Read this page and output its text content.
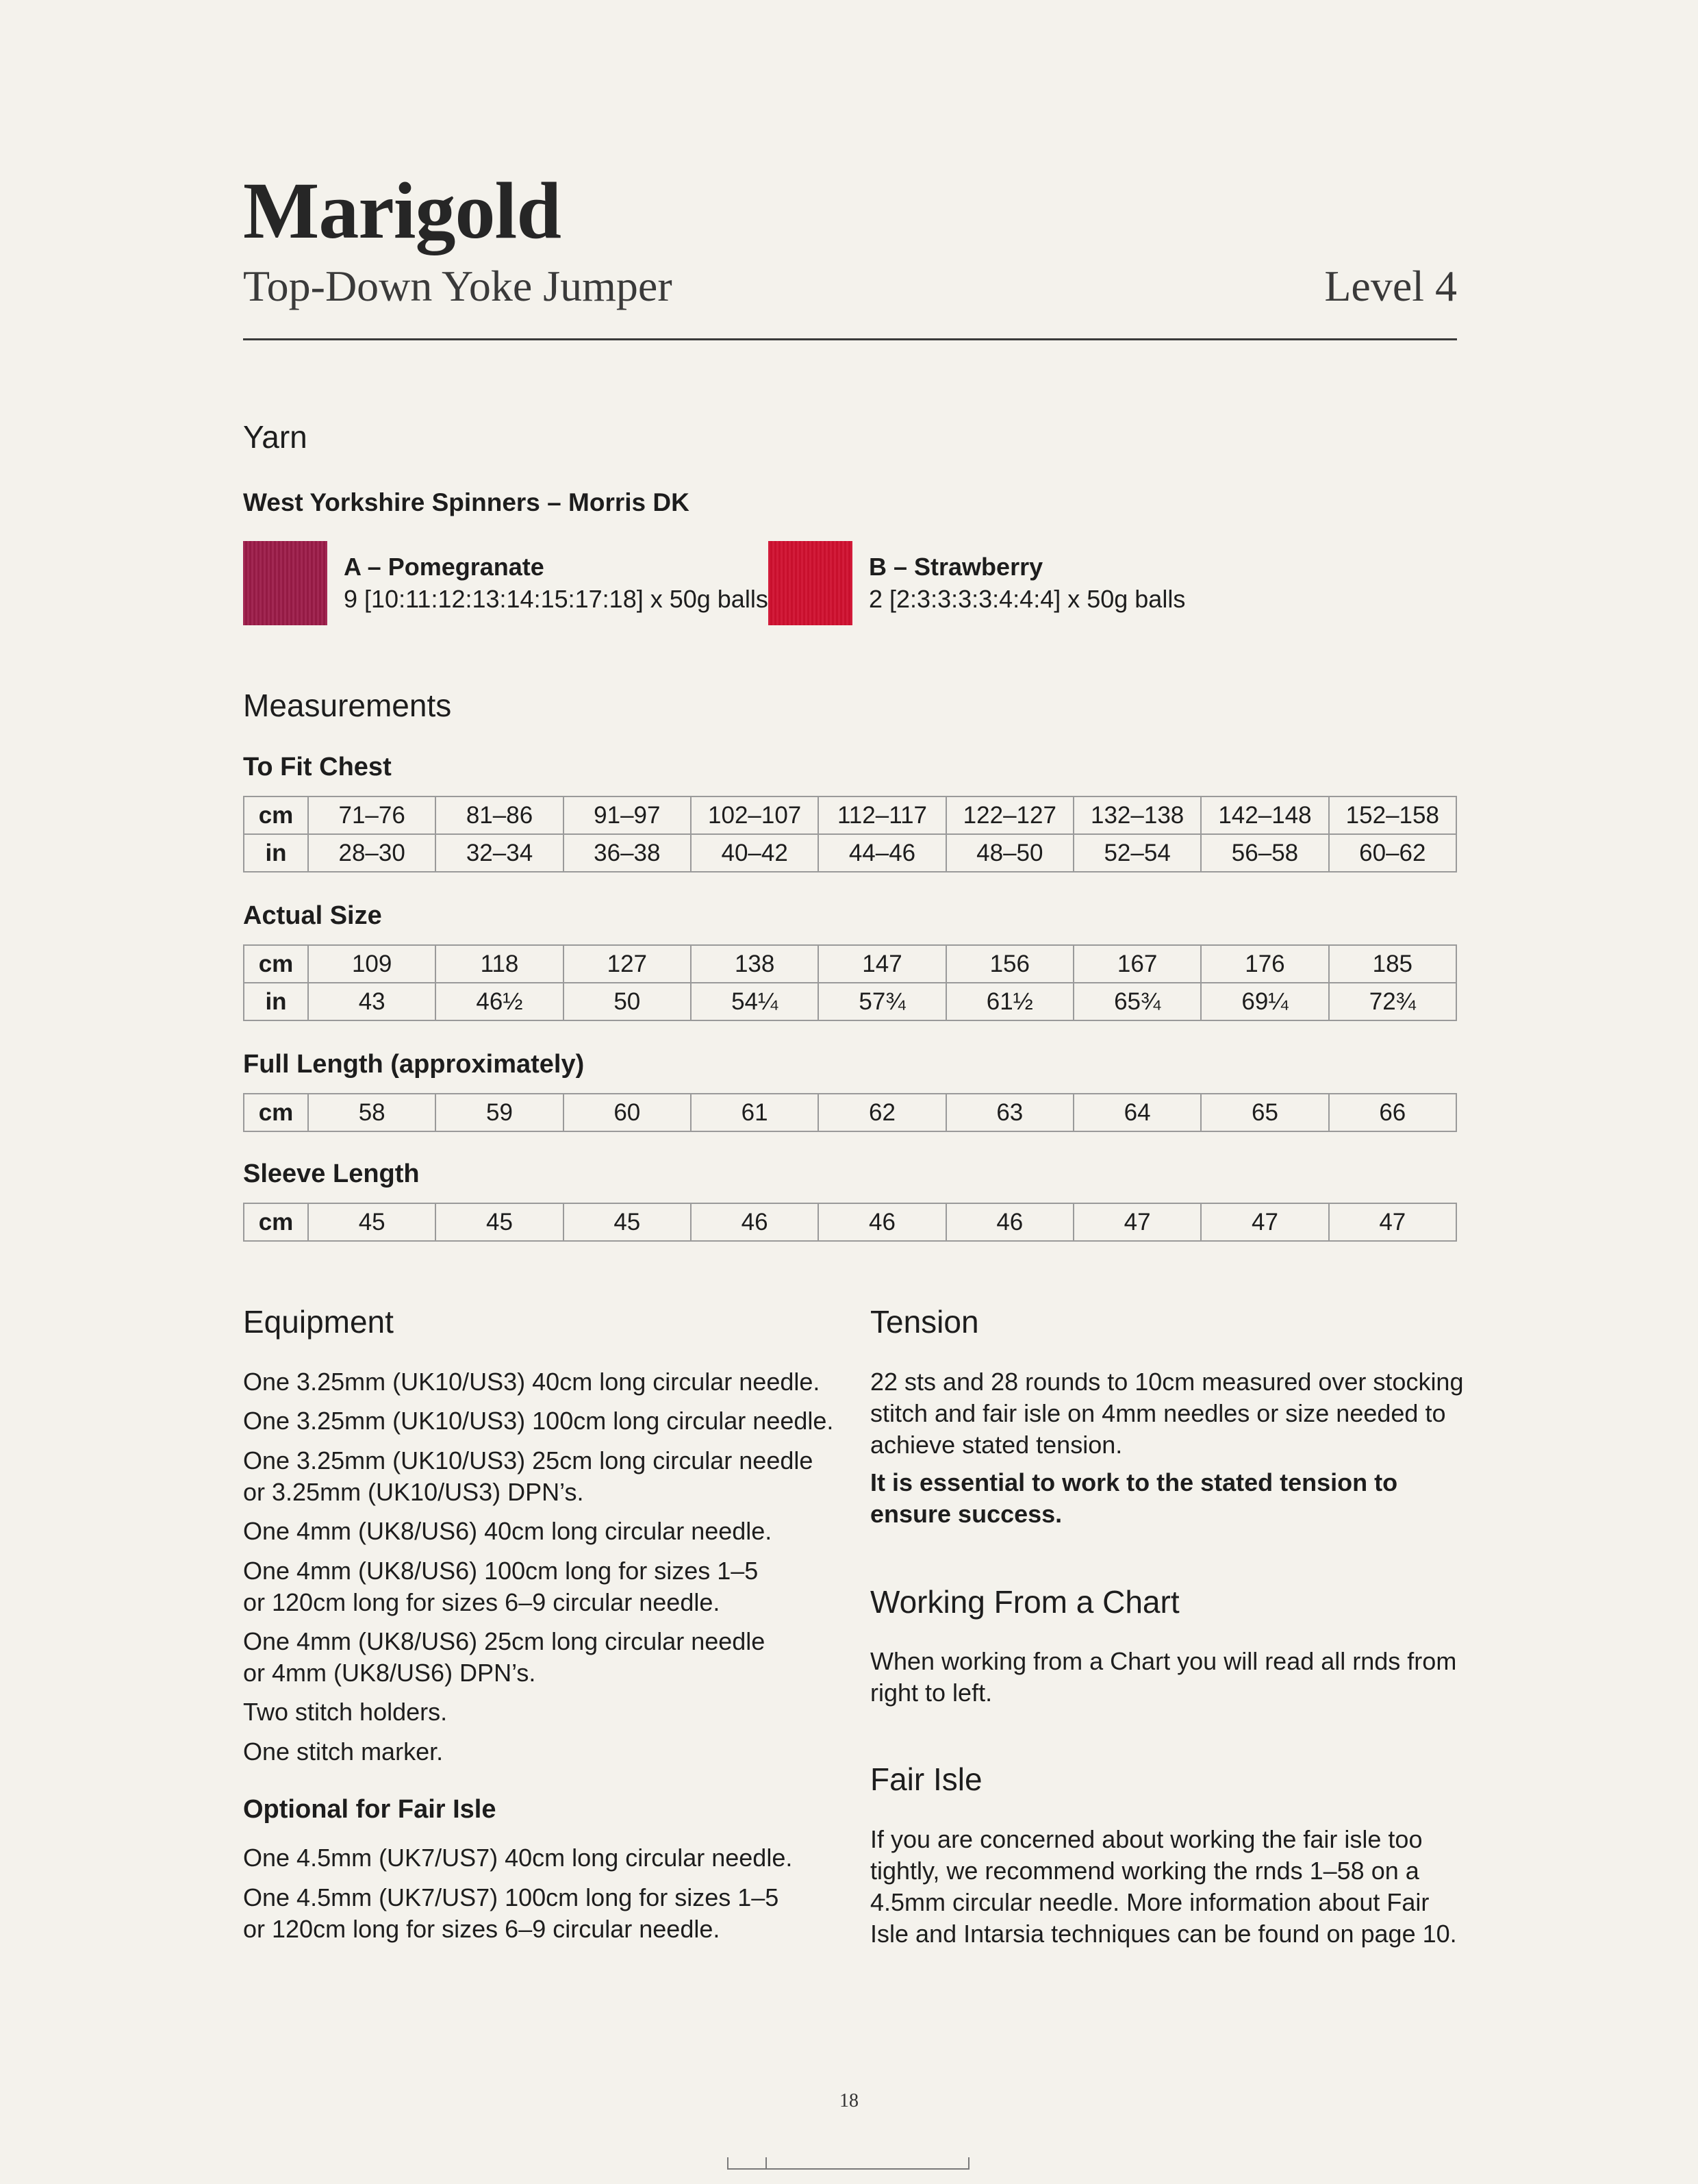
Marigold
Top-Down Yoke Jumper	Level 4
Yarn
West Yorkshire Spinners – Morris DK
A – Pomegranate
9 [10:11:12:13:14:15:17:18] x 50g balls
B – Strawberry
2 [2:3:3:3:3:4:4:4] x 50g balls
Measurements
To Fit Chest
cm	71–76	81–86	91–97	102–107	112–117	122–127	132–138	142–148	152–158
in	28–30	32–34	36–38	40–42	44–46	48–50	52–54	56–58	60–62
Actual Size
cm	109	118	127	138	147	156	167	176	185
in	43	46½	50	54¼	57¾	61½	65¾	69¼	72¾
Full Length (approximately)
cm	58	59	60	61	62	63	64	65	66
Sleeve Length
cm	45	45	45	46	46	46	47	47	47
Equipment

One 3.25mm (UK10/US3) 40cm long circular needle.

One 3.25mm (UK10/US3) 100cm long circular needle.

One 3.25mm (UK10/US3) 25cm long circular needle
or 3.25mm (UK10/US3) DPN’s.

One 4mm (UK8/US6) 40cm long circular needle.

One 4mm (UK8/US6) 100cm long for sizes 1–5
or 120cm long for sizes 6–9 circular needle.

One 4mm (UK8/US6) 25cm long circular needle
or 4mm (UK8/US6) DPN’s.

Two stitch holders.

One stitch marker.

Optional for Fair Isle

One 4.5mm (UK7/US7) 40cm long circular needle.

One 4.5mm (UK7/US7) 100cm long for sizes 1–5
or 120cm long for sizes 6–9 circular needle.

Tension

22 sts and 28 rounds to 10cm measured over stocking
stitch and fair isle on 4mm needles or size needed to
achieve stated tension.

It is essential to work to the stated tension to
ensure success.

Working From a Chart

When working from a Chart you will read all rnds from
right to left.

Fair Isle

If you are concerned about working the fair isle too
tightly, we recommend working the rnds 1–58 on a
4.5mm circular needle. More information about Fair
Isle and Intarsia techniques can be found on page 10.

18
